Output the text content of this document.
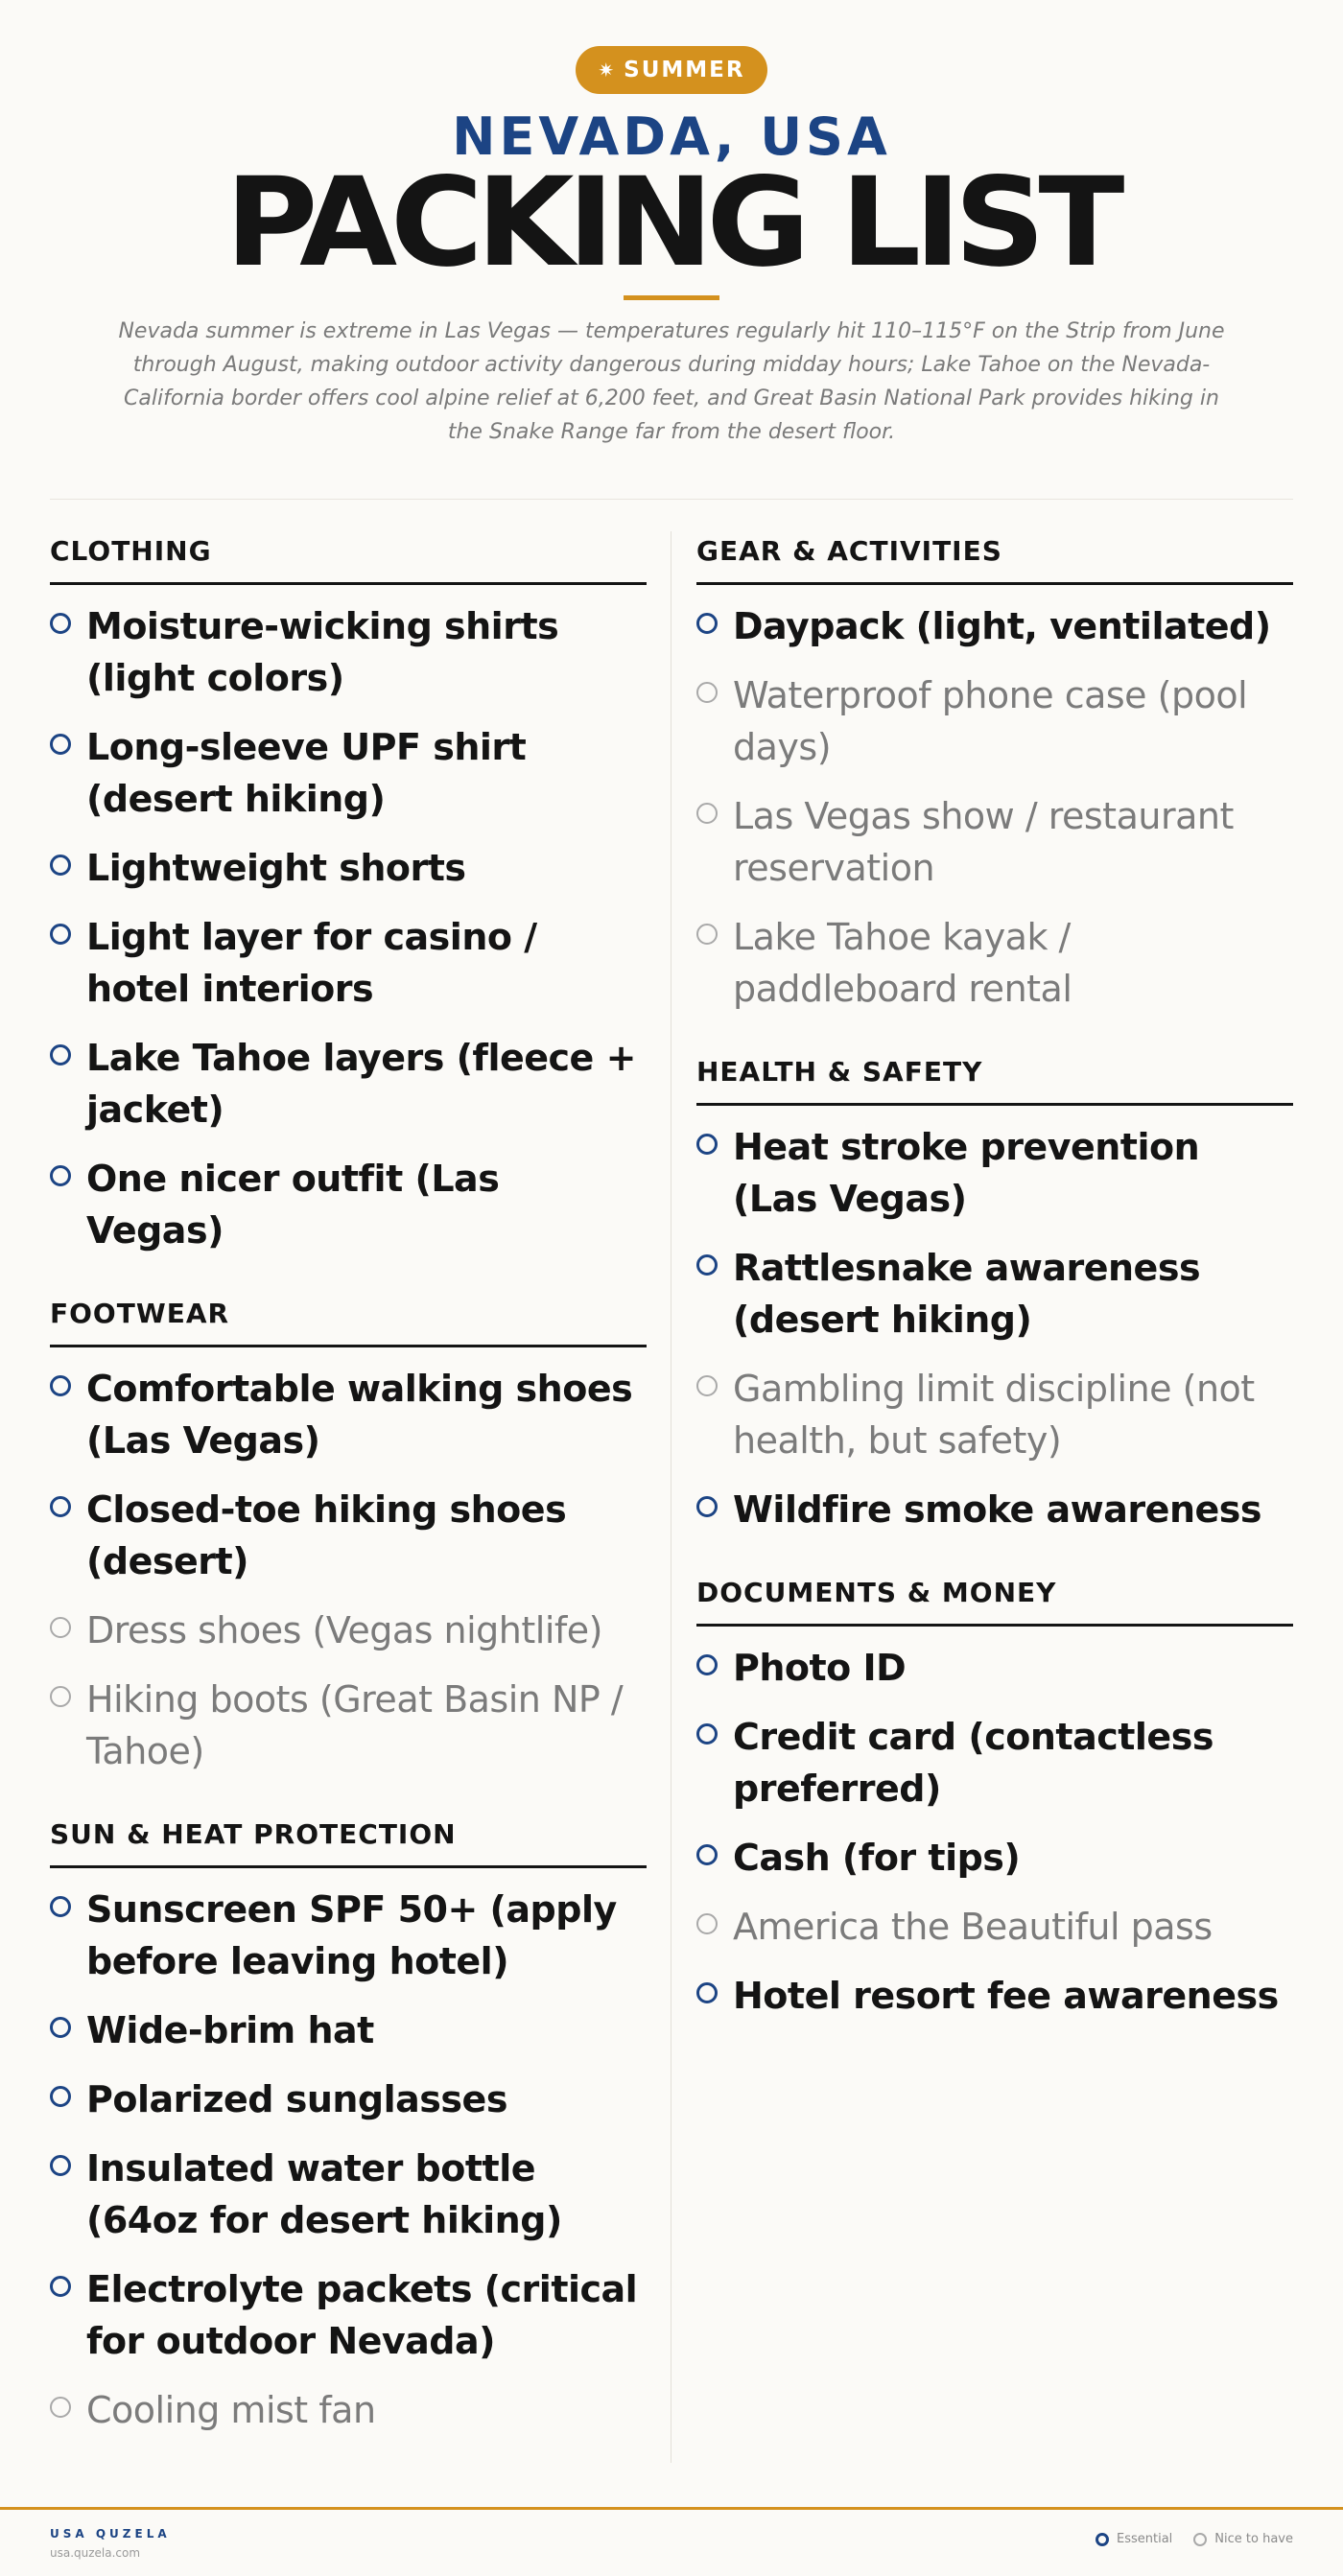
✷ SUMMER
NEVADA, USA
PACKING LIST
Nevada summer is extreme in Las Vegas — temperatures regularly hit 110–115°F on the Strip from June through August, making outdoor activity dangerous during midday hours; Lake Tahoe on the Nevada-California border offers cool alpine relief at 6,200 feet, and Great Basin National Park provides hiking in the Snake Range far from the desert floor.
CLOTHING
Moisture-wicking shirts (light colors)
Long-sleeve UPF shirt (desert hiking)
Lightweight shorts
Light layer for casino / hotel interiors
Lake Tahoe layers (fleece + jacket)
One nicer outfit (Las Vegas)
FOOTWEAR
Comfortable walking shoes (Las Vegas)
Closed-toe hiking shoes (desert)
Dress shoes (Vegas nightlife)
Hiking boots (Great Basin NP / Tahoe)
SUN & HEAT PROTECTION
Sunscreen SPF 50+ (apply before leaving hotel)
Wide-brim hat
Polarized sunglasses
Insulated water bottle (64oz for desert hiking)
Electrolyte packets (critical for outdoor Nevada)
Cooling mist fan
GEAR & ACTIVITIES
Daypack (light, ventilated)
Waterproof phone case (pool days)
Las Vegas show / restaurant reservation
Lake Tahoe kayak / paddleboard rental
HEALTH & SAFETY
Heat stroke prevention (Las Vegas)
Rattlesnake awareness (desert hiking)
Gambling limit discipline (not health, but safety)
Wildfire smoke awareness
DOCUMENTS & MONEY
Photo ID
Credit card (contactless preferred)
Cash (for tips)
America the Beautiful pass
Hotel resort fee awareness
USA QUZELA
usa.quzela.com
Essential	Nice to have
